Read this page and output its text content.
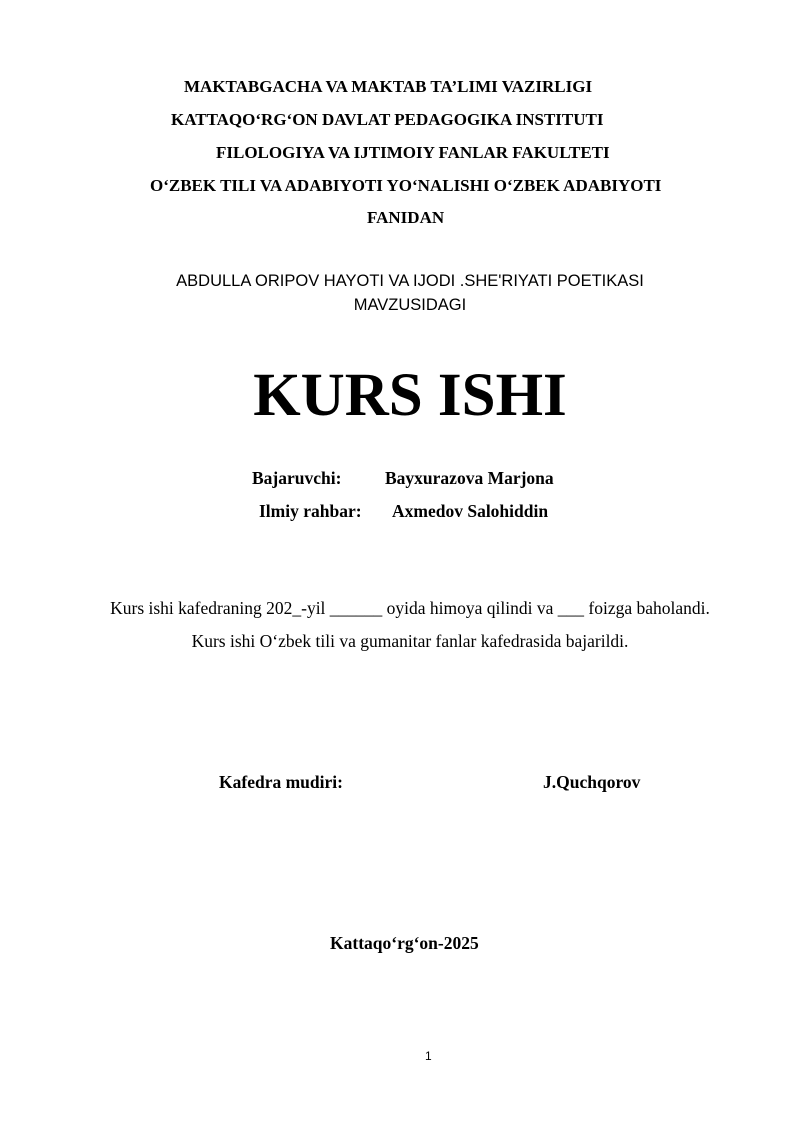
MAKTABGACHA VA MAKTAB TA’LIMI VAZIRLIGI
KATTAQO‘RG‘ON DAVLAT PEDAGOGIKA INSTITUTI
FILOLOGIYA VA IJTIMOIY FANLAR FAKULTETI
O‘ZBEK TILI VA ADABIYOTI YO‘NALISHI O‘ZBEK ADABIYOTI
FANIDAN
ABDULLA ORIPOV HAYOTI VA IJODI .SHE'RIYATI POETIKASI
MAVZUSIDAGI
KURS ISHI
Bajaruvchi: Bayxurazova Marjona
Ilmiy rahbar: Axmedov Salohiddin
Kurs ishi kafedraning 202_-yil ______ oyida himoya qilindi va ___ foizga baholandi.
Kurs ishi O‘zbek tili va gumanitar fanlar kafedrasida bajarildi.
Kafedra mudiri:	J.Quchqorov
Kattaqo‘rg‘on-2025
1
